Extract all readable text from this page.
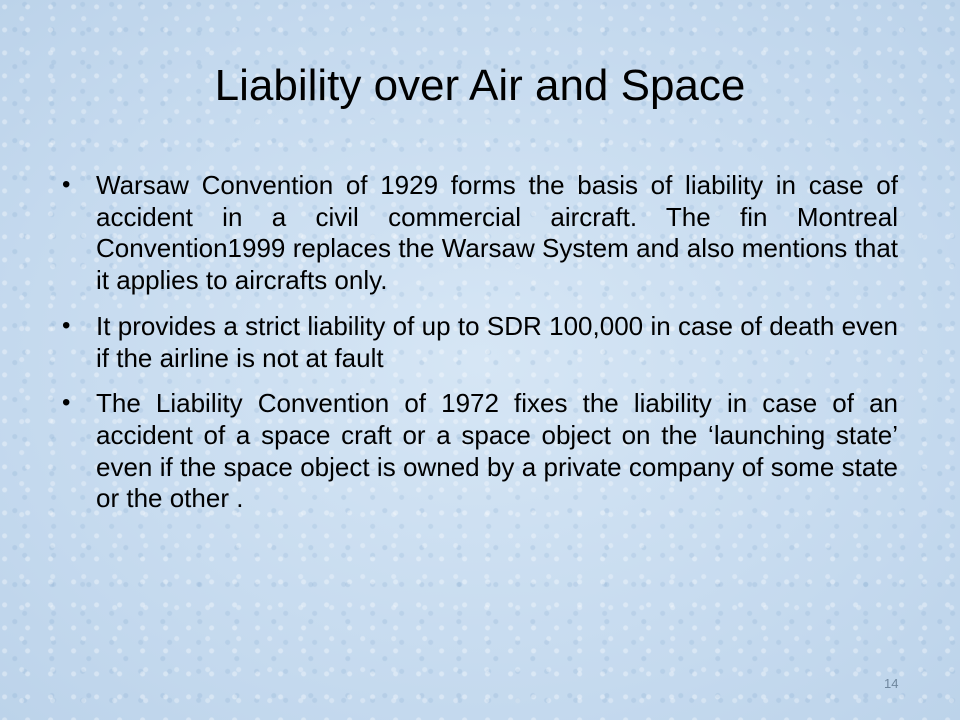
Liability over Air and Space
• Warsaw Convention of 1929 forms the basis of liability in case of accident in a civil commercial aircraft. The fin Montreal Convention1999 replaces the Warsaw System and also mentions that it applies to aircrafts only.
• It provides a strict liability of up to SDR 100,000 in case of death even if the airline is not at fault
• The Liability Convention of 1972 fixes the liability in case of an accident of a space craft or a space object on the ‘launching state’ even if the space object is owned by a private company of some state or the other .
14
